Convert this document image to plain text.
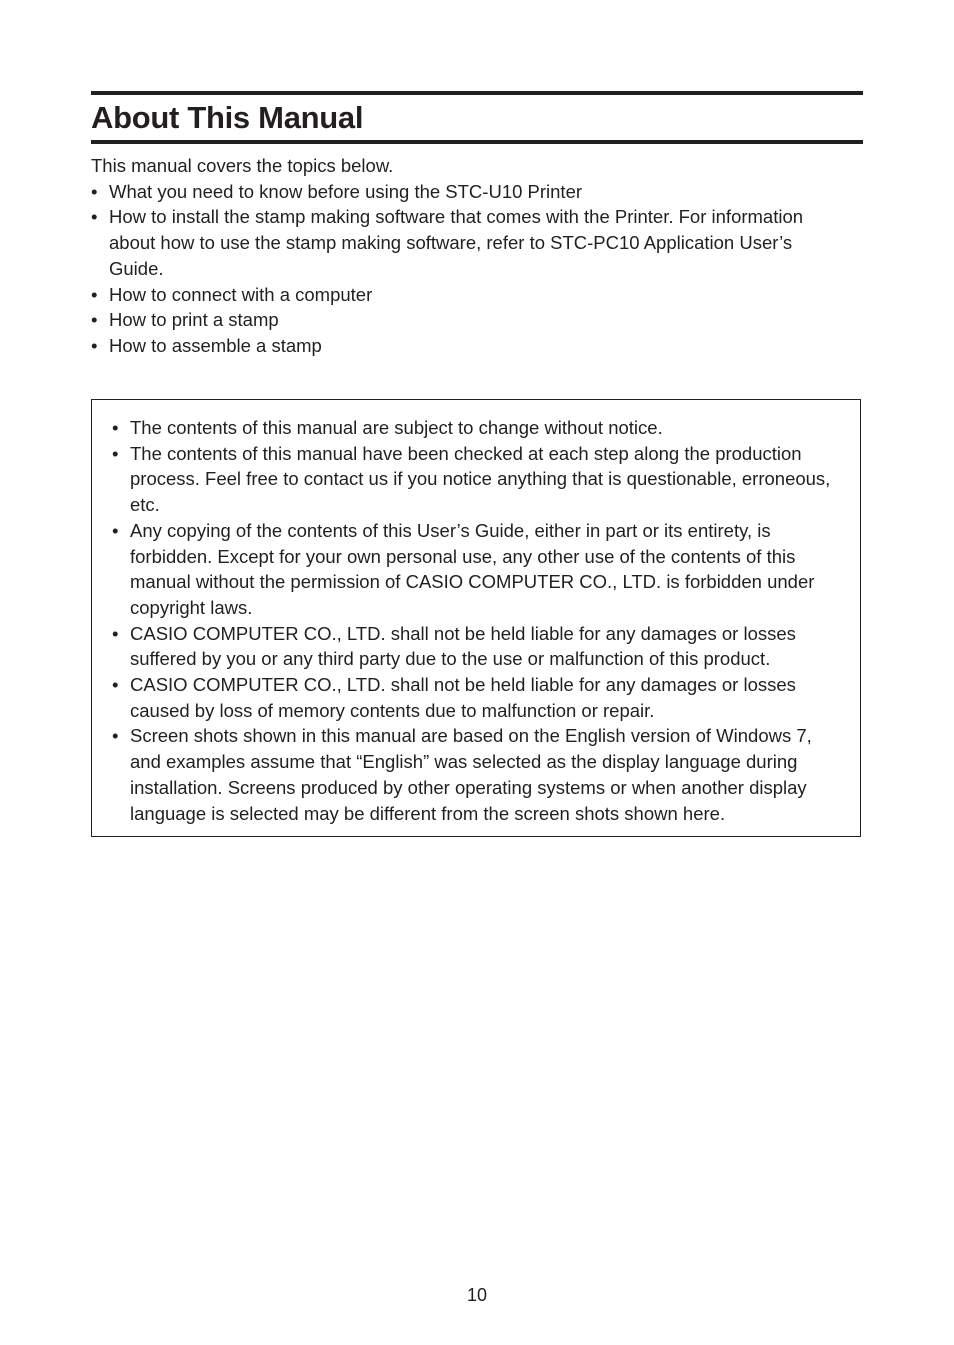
About This Manual

This manual covers the topics below.

• What you need to know before using the STC-U10 Printer
• How to install the stamp making software that comes with the Printer. For information about how to use the stamp making software, refer to STC-PC10 Application User’s Guide.
• How to connect with a computer
• How to print a stamp
• How to assemble a stamp
• The contents of this manual are subject to change without notice.
• The contents of this manual have been checked at each step along the production process. Feel free to contact us if you notice anything that is questionable, erroneous, etc.
• Any copying of the contents of this User’s Guide, either in part or its entirety, is forbidden. Except for your own personal use, any other use of the contents of this manual without the permission of CASIO COMPUTER CO., LTD. is forbidden under copyright laws.
• CASIO COMPUTER CO., LTD. shall not be held liable for any damages or losses suffered by you or any third party due to the use or malfunction of this product.
• CASIO COMPUTER CO., LTD. shall not be held liable for any damages or losses caused by loss of memory contents due to malfunction or repair.
• Screen shots shown in this manual are based on the English version of Windows 7, and examples assume that “English” was selected as the display language during installation. Screens produced by other operating systems or when another display language is selected may be different from the screen shots shown here.
10
